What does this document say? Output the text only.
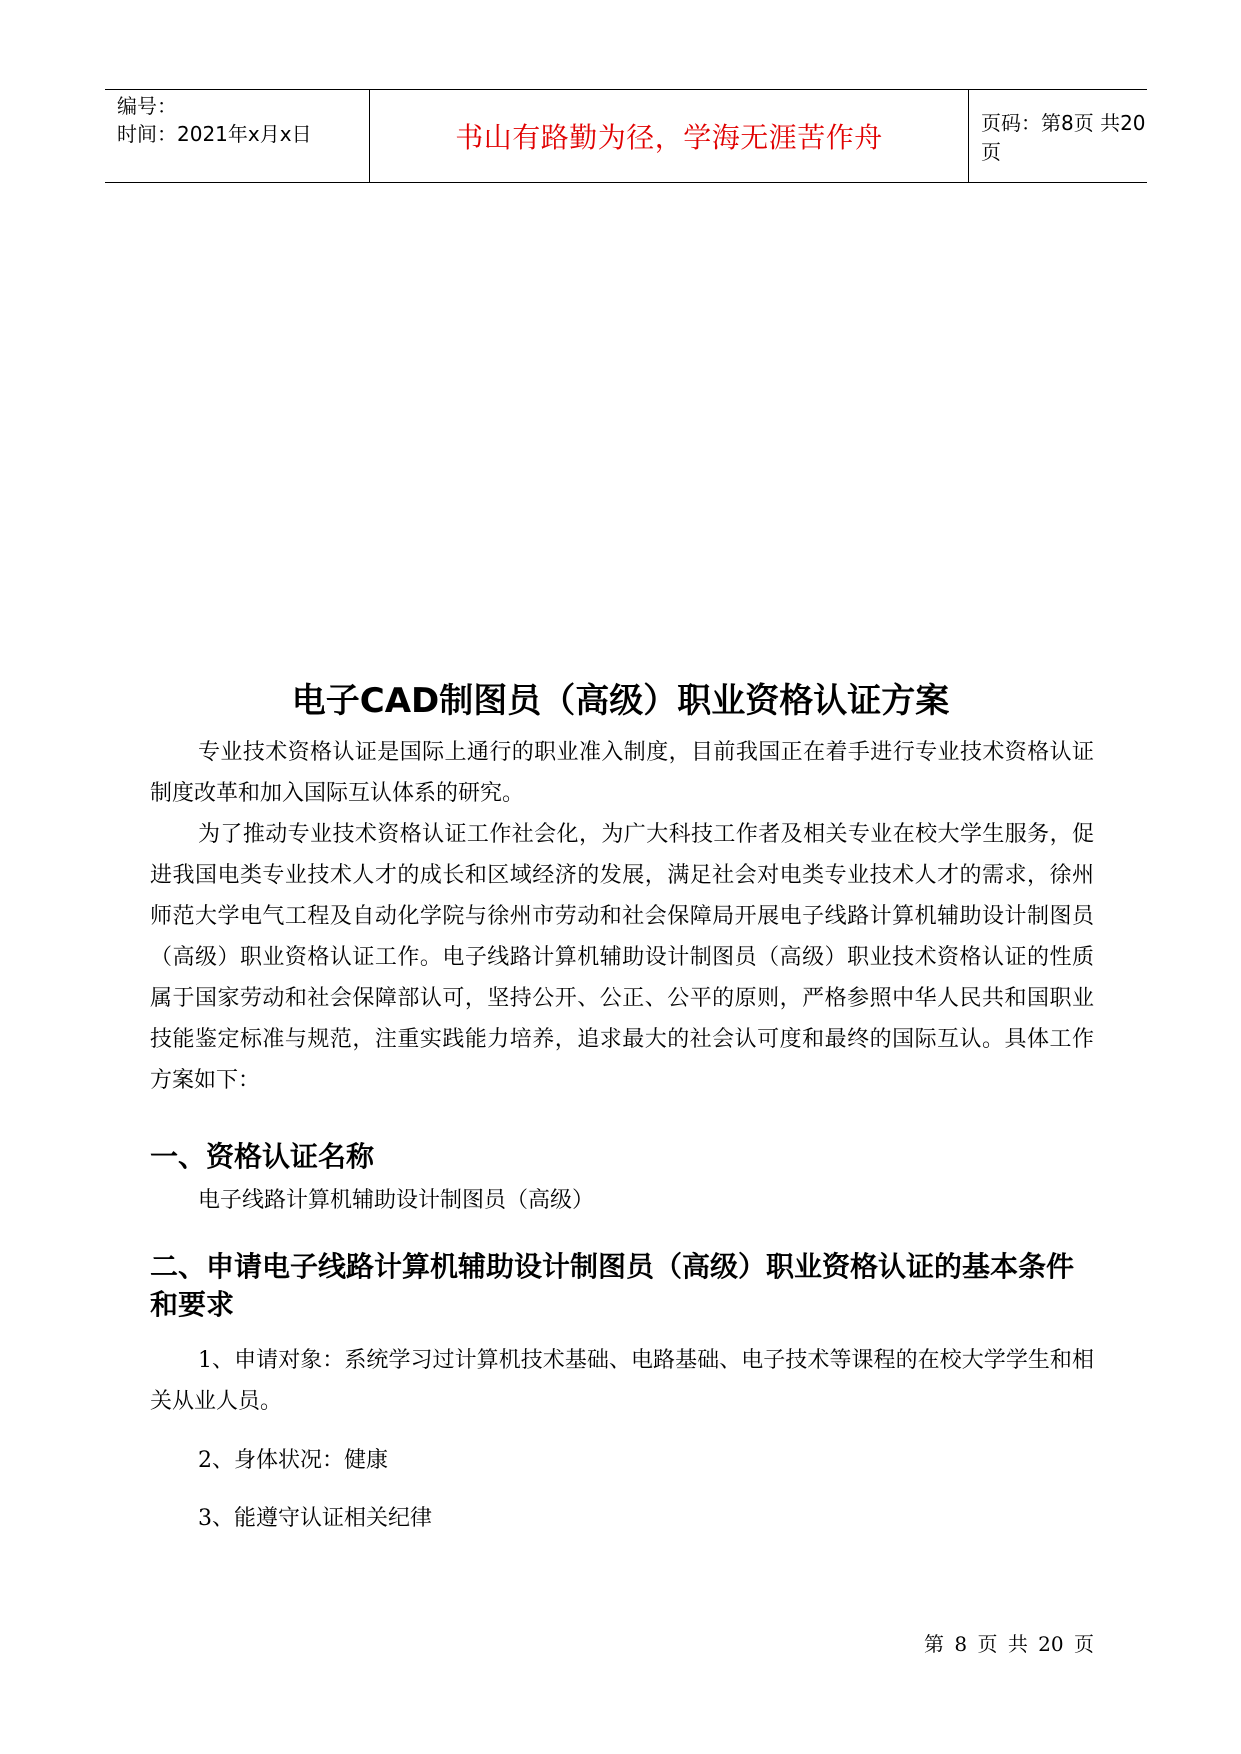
编号：
时间：2021年x月x日	书山有路勤为径，学海无涯苦作舟	页码：第8页 共20页
电子CAD制图员（高级）职业资格认证方案

专业技术资格认证是国际上通行的职业准入制度，目前我国正在着手进行专业技术资格认证制度改革和加入国际互认体系的研究。

为了推动专业技术资格认证工作社会化，为广大科技工作者及相关专业在校大学生服务，促进我国电类专业技术人才的成长和区域经济的发展，满足社会对电类专业技术人才的需求，徐州师范大学电气工程及自动化学院与徐州市劳动和社会保障局开展电子线路计算机辅助设计制图员（高级）职业资格认证工作。电子线路计算机辅助设计制图员（高级）职业技术资格认证的性质属于国家劳动和社会保障部认可，坚持公开、公正、公平的原则，严格参照中华人民共和国职业技能鉴定标准与规范，注重实践能力培养，追求最大的社会认可度和最终的国际互认。具体工作方案如下：

一、资格认证名称

电子线路计算机辅助设计制图员（高级）

二、申请电子线路计算机辅助设计制图员（高级）职业资格认证的基本条件和要求

1、申请对象：系统学习过计算机技术基础、电路基础、电子技术等课程的在校大学学生和相关从业人员。

2、身体状况：健康

3、能遵守认证相关纪律

第 8 页 共 20 页
